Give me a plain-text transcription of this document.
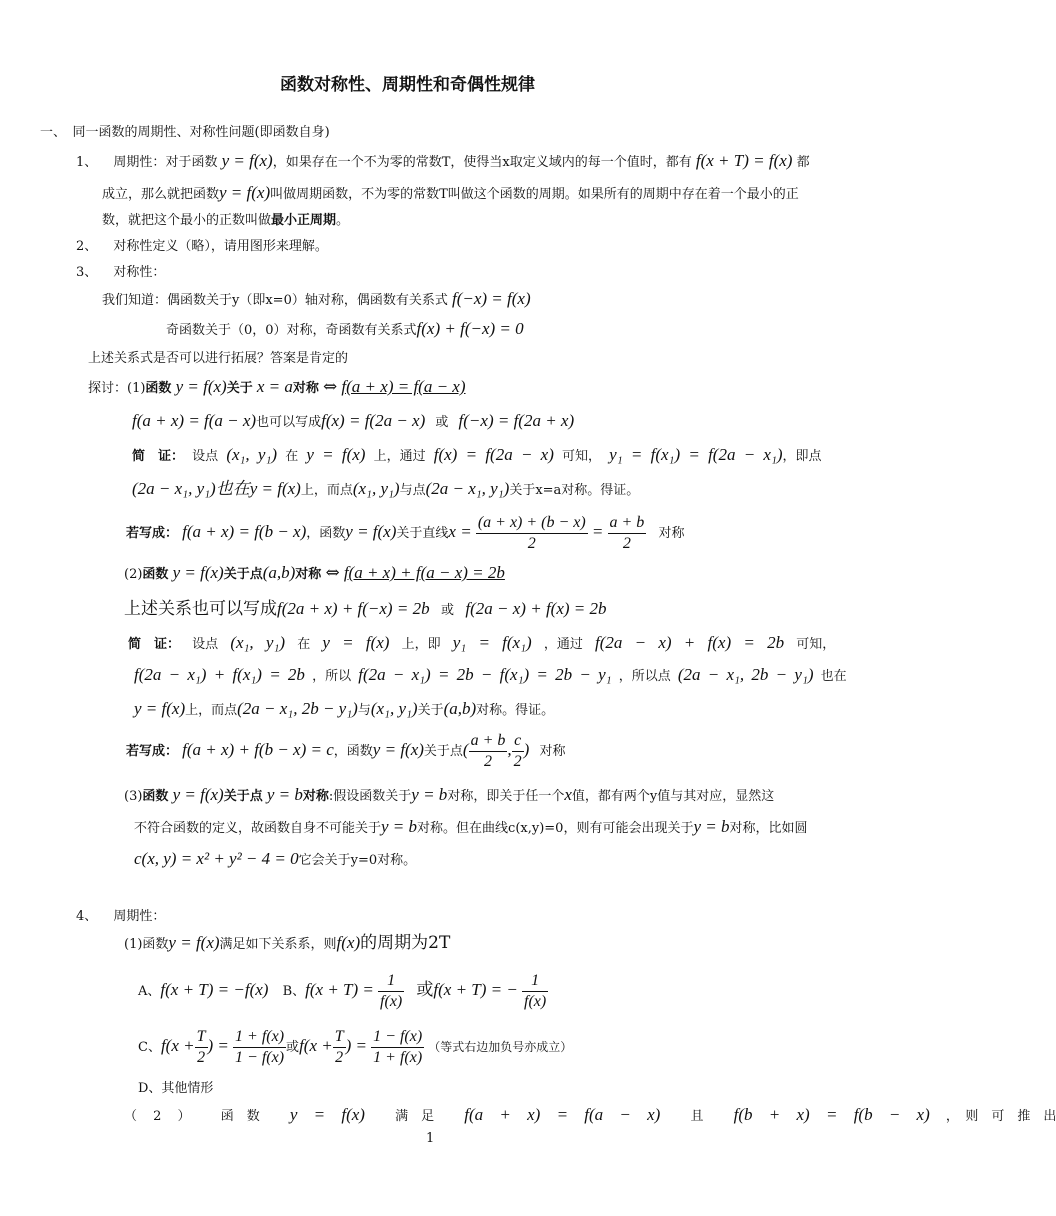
函数对称性、周期性和奇偶性规律
一、　同一函数的周期性、对称性问题(即函数自身)
1、 周期性：对于函数 y = f(x)，如果存在一个不为零的常数T，使得当x取定义域内的每一个值时，都有 f(x + T) = f(x) 都
成立，那么就把函数y = f(x)叫做周期函数，不为零的常数T叫做这个函数的周期。如果所有的周期中存在着一个最小的正
数，就把这个最小的正数叫做最小正周期。
2、 对称性定义（略），请用图形来理解。
3、 对称性：
我们知道：偶函数关于y（即x=0）轴对称，偶函数有关系式 f(−x) = f(x)
奇函数关于（0，0）对称，奇函数有关系式f(x) + f(−x) = 0
上述关系式是否可以进行拓展？答案是肯定的
探讨：(1)函数 y = f(x)关于 x = a对称 ⇔ f(a + x) = f(a − x)
f(a + x) = f(a − x)也可以写成f(x) = f(2a − x) 或 f(−x) = f(2a + x)
简　证： 设点 (x₁, y₁) 在 y = f(x) 上，通过 f(x) = f(2a − x) 可知， y₁ = f(x₁) = f(2a − x₁)，即点
(2a − x₁, y₁)也在y = f(x)上，而点(x₁, y₁)与点(2a − x₁, y₁)关于x=a对称。得证。
若写成： f(a + x) = f(b − x)，函数y = f(x)关于直线$x = \frac{(a + x) + (b - x)}{2} = \frac{a + b}{2}$ 对称
(2)函数 y = f(x)关于点(a,b)对称 ⇔ f(a + x) + f(a − x) = 2b
上述关系也可以写成f(2a + x) + f(−x) = 2b 或 f(2a − x) + f(x) = 2b
简　证： 设点 (x₁, y₁) 在 y = f(x) 上，即 y₁ = f(x₁) ，通过 f(2a − x) + f(x) = 2b 可知，
f(2a − x₁) + f(x₁) = 2b ，所以 f(2a − x₁) = 2b − f(x₁) = 2b − y₁ ，所以点 (2a − x₁, 2b − y₁) 也在
y = f(x)上，而点(2a − x₁, 2b − y₁)与(x₁, y₁)关于(a,b)对称。得证。
若写成： f(a + x) + f(b − x) = c，函数y = f(x)关于点( $\frac{a + b}{2}$ , $\frac{c}{2}$ ) 对称
(3)函数 y = f(x)关于点 y = b对称:假设函数关于y = b对称，即关于任一个x值，都有两个y值与其对应，显然这
不符合函数的定义，故函数自身不可能关于y = b对称。但在曲线c(x,y)=0，则有可能会出现关于y = b对称，比如圆
c(x, y) = x² + y² − 4 = 0它会关于y=0对称。
4、 周期性：
(1)函数y = f(x)满足如下关系系，则f(x)的周期为2T
A、f(x + T) = −f(x) B、$f(x + T) = \frac{1}{f(x)}$ 或f(x + T) = − $\frac{1}{f(x)}$
C、$f(x + \frac{T}{2}$ ) = $\frac{1 + f(x)}{1 - f(x)}$ 或$f(x + \frac{T}{2}$ ) = $\frac{1 - f(x)}{1 + f(x)}$ （等式右边加负号亦成立）
D、其他情形
（ 2 ） 函　数 y = f(x) 满　足 f(a + x) = f(a − x) 且 f(b + x) = f(b − x) ，　则　可　推　出
1
